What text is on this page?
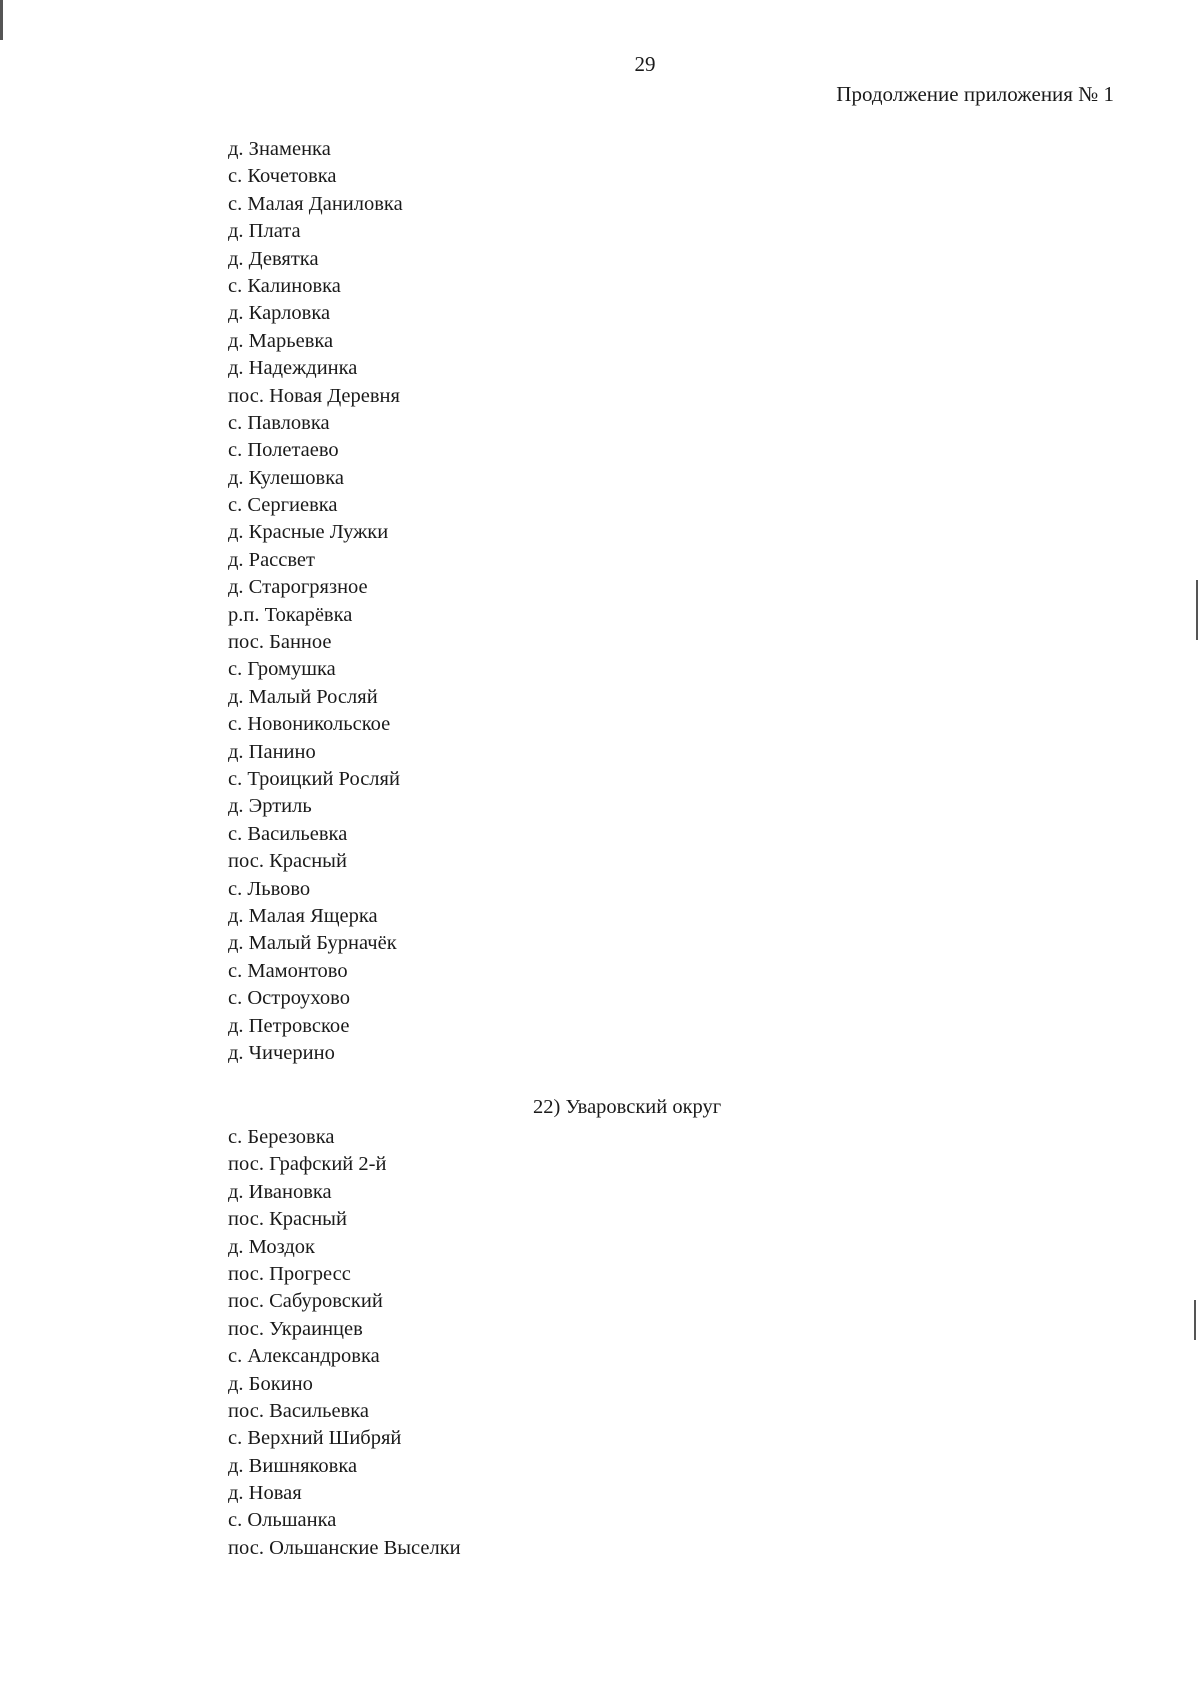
29
Продолжение приложения № 1
д. Знаменка
с. Кочетовка
с. Малая Даниловка
д. Плата
д. Девятка
с. Калиновка
д. Карловка
д. Марьевка
д. Надеждинка
пос. Новая Деревня
с. Павловка
с. Полетаево
д. Кулешовка
с. Сергиевка
д. Красные Лужки
д. Рассвет
д. Старогрязное
р.п. Токарёвка
пос. Банное
с. Громушка
д. Малый Росляй
с. Новоникольское
д. Панино
с. Троицкий Росляй
д. Эртиль
с. Васильевка
пос. Красный
с. Львово
д. Малая Ящерка
д. Малый Бурначёк
с. Мамонтово
с. Остроухово
д. Петровское
д. Чичерино
22) Уваровский округ
с. Березовка
пос. Графский 2-й
д. Ивановка
пос. Красный
д. Моздок
пос. Прогресс
пос. Сабуровский
пос. Украинцев
с. Александровка
д. Бокино
пос. Васильевка
с. Верхний Шибряй
д. Вишняковка
д. Новая
с. Ольшанка
пос. Ольшанские Выселки
